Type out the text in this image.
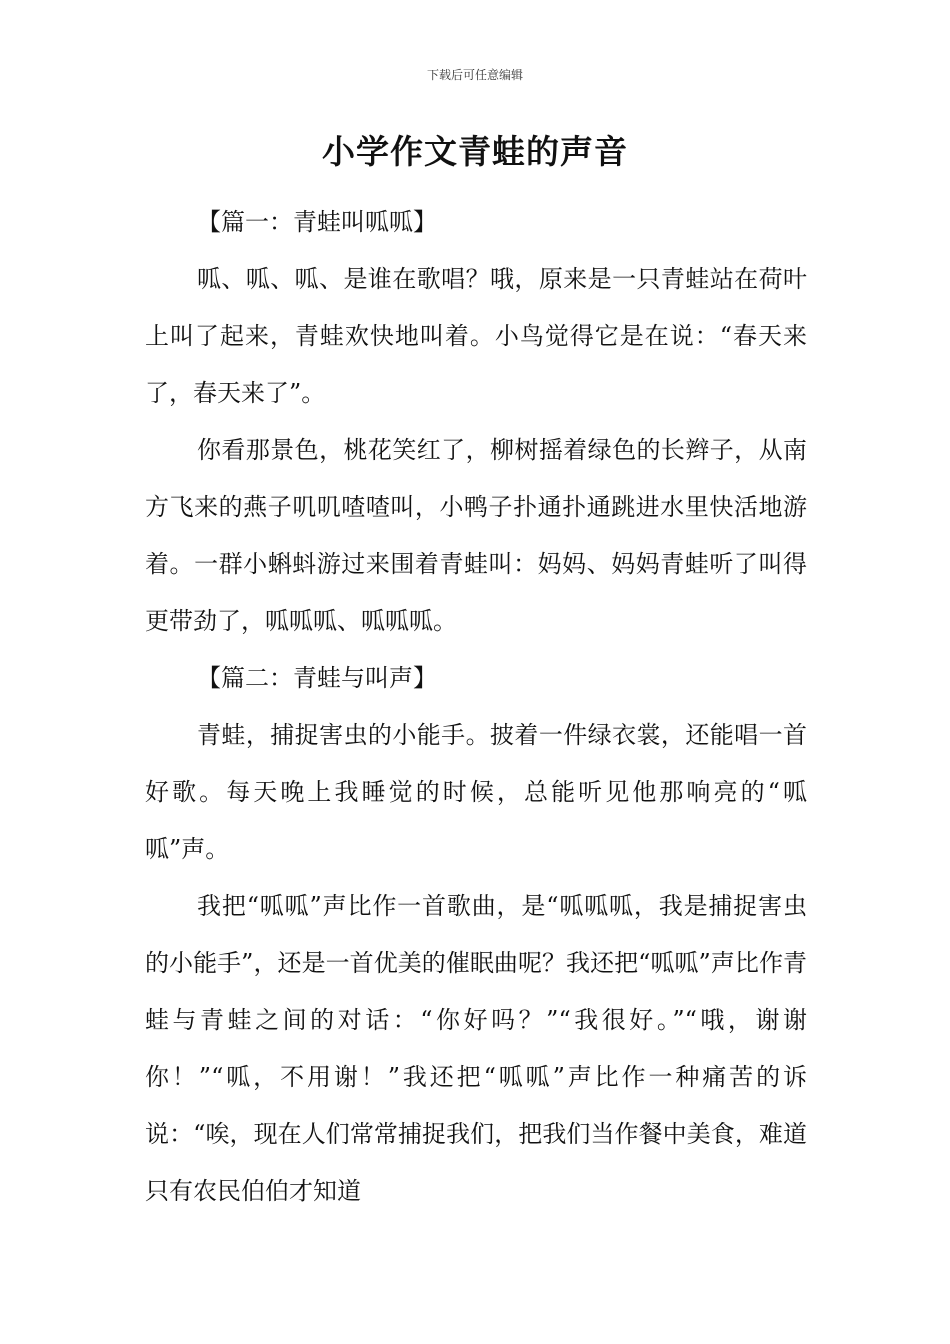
下载后可任意编辑
小学作文青蛙的声音

【篇一：青蛙叫呱呱】

呱、呱、呱、是谁在歌唱？哦，原来是一只青蛙站在荷叶上叫了起来，青蛙欢快地叫着。小鸟觉得它是在说：“春天来了，春天来了”。

你看那景色，桃花笑红了，柳树摇着绿色的长辫子，从南方飞来的燕子叽叽喳喳叫，小鸭子扑通扑通跳进水里快活地游着。一群小蝌蚪游过来围着青蛙叫：妈妈、妈妈青蛙听了叫得更带劲了，呱呱呱、呱呱呱。

【篇二：青蛙与叫声】

青蛙，捕捉害虫的小能手。披着一件绿衣裳，还能唱一首好歌。每天晚上我睡觉的时候，总能听见他那响亮的“呱呱”声。

我把“呱呱”声比作一首歌曲，是“呱呱呱，我是捕捉害虫的小能手”，还是一首优美的催眠曲呢？我还把“呱呱”声比作青蛙与青蛙之间的对话：“你好吗？”“我很好。”“哦，谢谢你！”“呱，不用谢！”我还把“呱呱”声比作一种痛苦的诉说：“唉，现在人们常常捕捉我们，把我们当作餐中美食，难道只有农民伯伯才知道
